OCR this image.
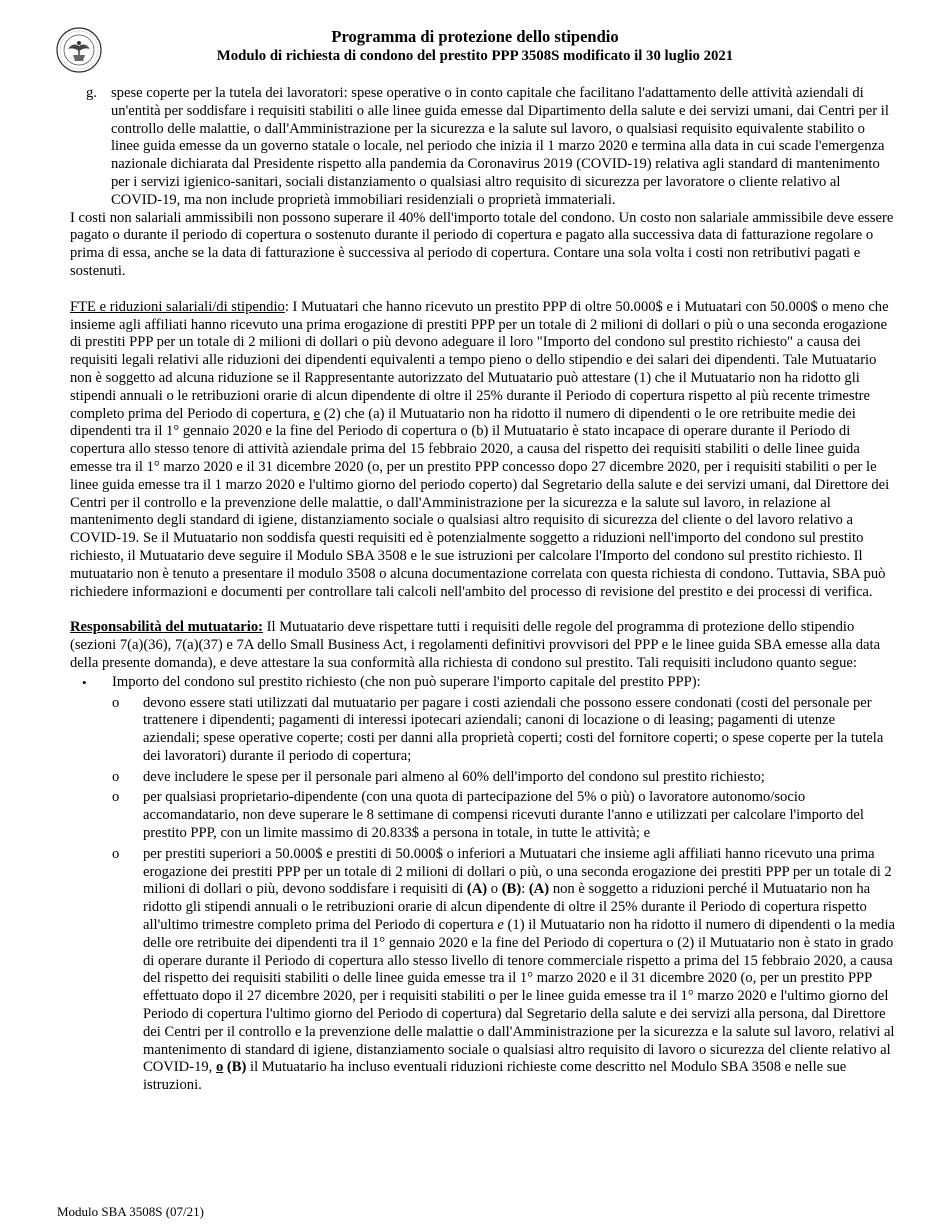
Programma di protezione dello stipendio
Modulo di richiesta di condono del prestito PPP 3508S modificato il 30 luglio 2021
g. spese coperte per la tutela dei lavoratori: spese operative o in conto capitale che facilitano l'adattamento delle attività aziendali di un'entità per soddisfare i requisiti stabiliti o alle linee guida emesse dal Dipartimento della salute e dei servizi umani, dai Centri per il controllo delle malattie, o dall'Amministrazione per la sicurezza e la salute sul lavoro, o qualsiasi requisito equivalente stabilito o linee guida emesse da un governo statale o locale, nel periodo che inizia il 1 marzo 2020 e termina alla data in cui scade l'emergenza nazionale dichiarata dal Presidente rispetto alla pandemia da Coronavirus 2019 (COVID-19) relativa agli standard di mantenimento per i servizi igienico-sanitari, sociali distanziamento o qualsiasi altro requisito di sicurezza per lavoratore o cliente relativo al COVID-19, ma non include proprietà immobiliari residenziali o proprietà immateriali.

I costi non salariali ammissibili non possono superare il 40% dell'importo totale del condono. Un costo non salariale ammissibile deve essere pagato o durante il periodo di copertura o sostenuto durante il periodo di copertura e pagato alla successiva data di fatturazione regolare o prima di essa, anche se la data di fatturazione è successiva al periodo di copertura. Contare una sola volta i costi non retributivi pagati e sostenuti.

FTE e riduzioni salariali/di stipendio: I Mutuatari che hanno ricevuto un prestito PPP di oltre 50.000$ e i Mutuatari con 50.000$ o meno che insieme agli affiliati hanno ricevuto una prima erogazione di prestiti PPP per un totale di 2 milioni di dollari o più o una seconda erogazione di prestiti PPP per un totale di 2 milioni di dollari o più devono adeguare il loro "Importo del condono sul prestito richiesto" a causa dei requisiti legali relativi alle riduzioni dei dipendenti equivalenti a tempo pieno o dello stipendio e dei salari dei dipendenti. Tale Mutuatario non è soggetto ad alcuna riduzione se il Rappresentante autorizzato del Mutuatario può attestare (1) che il Mutuatario non ha ridotto gli stipendi annuali o le retribuzioni orarie di alcun dipendente di oltre il 25% durante il Periodo di copertura rispetto al più recente trimestre completo prima del Periodo di copertura, e (2) che (a) il Mutuatario non ha ridotto il numero di dipendenti o le ore retribuite medie dei dipendenti tra il 1° gennaio 2020 e la fine del Periodo di copertura o (b) il Mutuatario è stato incapace di operare durante il Periodo di copertura allo stesso tenore di attività aziendale prima del 15 febbraio 2020, a causa del rispetto dei requisiti stabiliti o delle linee guida emesse tra il 1° marzo 2020 e il 31 dicembre 2020 (o, per un prestito PPP concesso dopo 27 dicembre 2020, per i requisiti stabiliti o per le linee guida emesse tra il 1 marzo 2020 e l'ultimo giorno del periodo coperto) dal Segretario della salute e dei servizi umani, dal Direttore dei Centri per il controllo e la prevenzione delle malattie, o dall'Amministrazione per la sicurezza e la salute sul lavoro, in relazione al mantenimento degli standard di igiene, distanziamento sociale o qualsiasi altro requisito di sicurezza del cliente o del lavoro relativo a COVID-19. Se il Mutuatario non soddisfa questi requisiti ed è potenzialmente soggetto a riduzioni nell'importo del condono sul prestito richiesto, il Mutuatario deve seguire il Modulo SBA 3508 e le sue istruzioni per calcolare l'Importo del condono sul prestito richiesto. Il mutuatario non è tenuto a presentare il modulo 3508 o alcuna documentazione correlata con questa richiesta di condono. Tuttavia, SBA può richiedere informazioni e documenti per controllare tali calcoli nell'ambito del processo di revisione del prestito e dei processi di verifica.

Responsabilità del mutuatario: Il Mutuatario deve rispettare tutti i requisiti delle regole del programma di protezione dello stipendio (sezioni 7(a)(36), 7(a)(37) e 7A dello Small Business Act, i regolamenti definitivi provvisori del PPP e le linee guida SBA emesse alla data della presente domanda), e deve attestare la sua conformità alla richiesta di condono sul prestito. Tali requisiti includono quanto segue:

• Importo del condono sul prestito richiesto (che non può superare l'importo capitale del prestito PPP):

o devono essere stati utilizzati dal mutuatario per pagare i costi aziendali che possono essere condonati (costi del personale per trattenere i dipendenti; pagamenti di interessi ipotecari aziendali; canoni di locazione o di leasing; pagamenti di utenze aziendali; spese operative coperte; costi per danni alla proprietà coperti; costi del fornitore coperti; o spese coperte per la tutela dei lavoratori) durante il periodo di copertura;

o deve includere le spese per il personale pari almeno al 60% dell'importo del condono sul prestito richiesto;

o per qualsiasi proprietario-dipendente (con una quota di partecipazione del 5% o più) o lavoratore autonomo/socio accomandatario, non deve superare le 8 settimane di compensi ricevuti durante l'anno e utilizzati per calcolare l'importo del prestito PPP, con un limite massimo di 20.833$ a persona in totale, in tutte le attività; e

o per prestiti superiori a 50.000$ e prestiti di 50.000$ o inferiori a Mutuatari che insieme agli affiliati hanno ricevuto una prima erogazione dei prestiti PPP per un totale di 2 milioni di dollari o più, o una seconda erogazione dei prestiti PPP per un totale di 2 milioni di dollari o più, devono soddisfare i requisiti di (A) o (B): (A) non è soggetto a riduzioni perché il Mutuatario non ha ridotto gli stipendi annuali o le retribuzioni orarie di alcun dipendente di oltre il 25% durante il Periodo di copertura rispetto all'ultimo trimestre completo prima del Periodo di copertura e (1) il Mutuatario non ha ridotto il numero di dipendenti o la media delle ore retribuite dei dipendenti tra il 1° gennaio 2020 e la fine del Periodo di copertura o (2) il Mutuatario non è stato in grado di operare durante il Periodo di copertura allo stesso livello di tenore commerciale rispetto a prima del 15 febbraio 2020, a causa del rispetto dei requisiti stabiliti o delle linee guida emesse tra il 1° marzo 2020 e il 31 dicembre 2020 (o, per un prestito PPP effettuato dopo il 27 dicembre 2020, per i requisiti stabiliti o per le linee guida emesse tra il 1° marzo 2020 e l'ultimo giorno del Periodo di copertura l'ultimo giorno del Periodo di copertura) dal Segretario della salute e dei servizi alla persona, dal Direttore dei Centri per il controllo e la prevenzione delle malattie o dall'Amministrazione per la sicurezza e la salute sul lavoro, relativi al mantenimento di standard di igiene, distanziamento sociale o qualsiasi altro requisito di lavoro o sicurezza del cliente relativo al COVID-19, o (B) il Mutuatario ha incluso eventuali riduzioni richieste come descritto nel Modulo SBA 3508 e nelle sue istruzioni.

Modulo SBA 3508S (07/21)
